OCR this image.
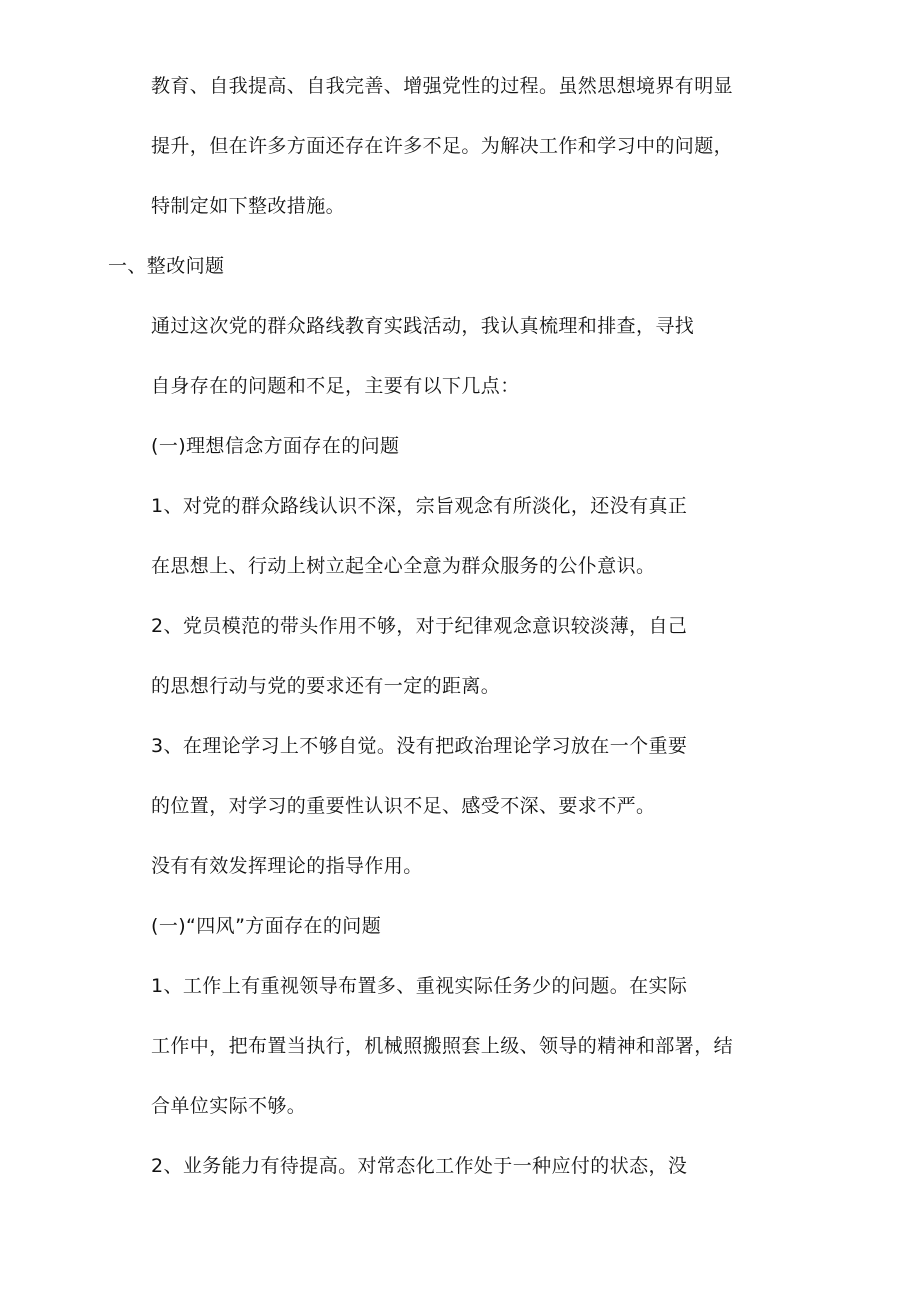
教育、自我提高、自我完善、增强党性的过程。虽然思想境界有明显
提升，但在许多方面还存在许多不足。为解决工作和学习中的问题，
特制定如下整改措施。
一、整改问题
通过这次党的群众路线教育实践活动，我认真梳理和排查，寻找
自身存在的问题和不足，主要有以下几点：
(一)理想信念方面存在的问题
1、对党的群众路线认识不深，宗旨观念有所淡化，还没有真正
在思想上、行动上树立起全心全意为群众服务的公仆意识。
2、党员模范的带头作用不够，对于纪律观念意识较淡薄，自己
的思想行动与党的要求还有一定的距离。
3、在理论学习上不够自觉。没有把政治理论学习放在一个重要
的位置，对学习的重要性认识不足、感受不深、要求不严。
没有有效发挥理论的指导作用。
(一)“四风”方面存在的问题
1、工作上有重视领导布置多、重视实际任务少的问题。在实际
工作中，把布置当执行，机械照搬照套上级、领导的精神和部署，结
合单位实际不够。
2、业务能力有待提高。对常态化工作处于一种应付的状态，没
